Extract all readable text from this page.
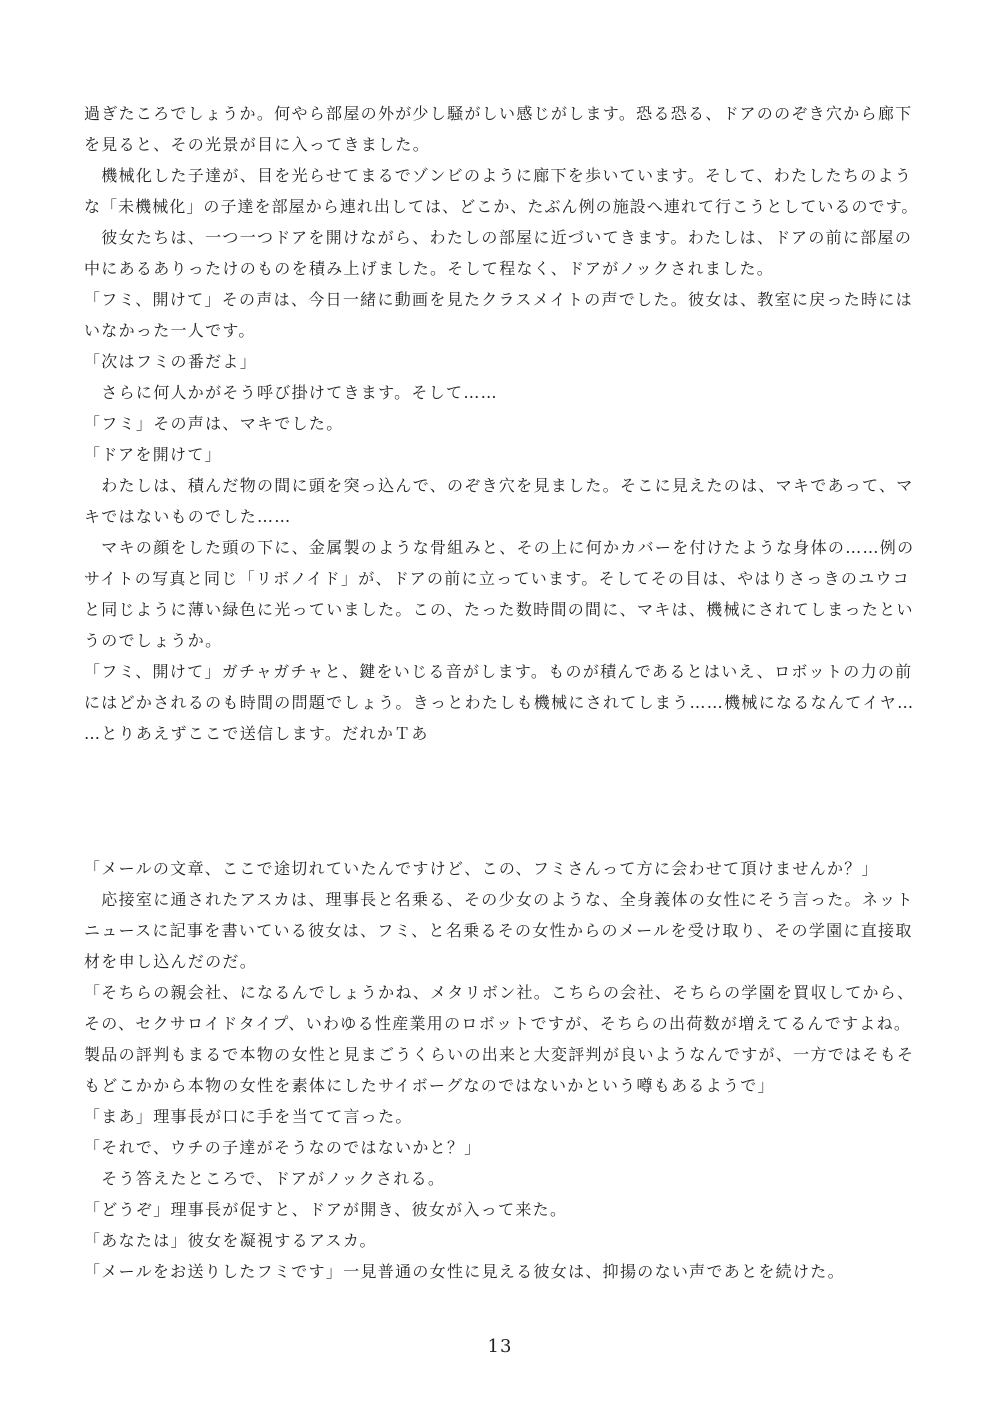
過ぎたころでしょうか。何やら部屋の外が少し騒がしい感じがします。恐る恐る、ドアののぞき穴から廊下
を見ると、その光景が目に入ってきました。
　機械化した子達が、目を光らせてまるでゾンビのように廊下を歩いています。そして、わたしたちのよう
な「未機械化」の子達を部屋から連れ出しては、どこか、たぶん例の施設へ連れて行こうとしているのです。
　彼女たちは、一つ一つドアを開けながら、わたしの部屋に近づいてきます。わたしは、ドアの前に部屋の
中にあるありったけのものを積み上げました。そして程なく、ドアがノックされました。
「フミ、開けて」その声は、今日一緒に動画を見たクラスメイトの声でした。彼女は、教室に戻った時には
いなかった一人です。
「次はフミの番だよ」
　さらに何人かがそう呼び掛けてきます。そして……
「フミ」その声は、マキでした。
「ドアを開けて」
　わたしは、積んだ物の間に頭を突っ込んで、のぞき穴を見ました。そこに見えたのは、マキであって、マ
キではないものでした……
　マキの顔をした頭の下に、金属製のような骨組みと、その上に何かカバーを付けたような身体の……例の
サイトの写真と同じ「リボノイド」が、ドアの前に立っています。そしてその目は、やはりさっきのユウコ
と同じように薄い緑色に光っていました。この、たった数時間の間に、マキは、機械にされてしまったとい
うのでしょうか。
「フミ、開けて」ガチャガチャと、鍵をいじる音がします。ものが積んであるとはいえ、ロボットの力の前
にはどかされるのも時間の問題でしょう。きっとわたしも機械にされてしまう……機械になるなんてイヤ…
…とりあえずここで送信します。だれかＴあ
「メールの文章、ここで途切れていたんですけど、この、フミさんって方に会わせて頂けませんか？」
　応接室に通されたアスカは、理事長と名乗る、その少女のような、全身義体の女性にそう言った。ネット
ニュースに記事を書いている彼女は、フミ、と名乗るその女性からのメールを受け取り、その学園に直接取
材を申し込んだのだ。
「そちらの親会社、になるんでしょうかね、メタリボン社。こちらの会社、そちらの学園を買収してから、
その、セクサロイドタイプ、いわゆる性産業用のロボットですが、そちらの出荷数が増えてるんですよね。
製品の評判もまるで本物の女性と見まごうくらいの出来と大変評判が良いようなんですが、一方ではそもそ
もどこかから本物の女性を素体にしたサイボーグなのではないかという噂もあるようで」
「まあ」理事長が口に手を当てて言った。
「それで、ウチの子達がそうなのではないかと？」
　そう答えたところで、ドアがノックされる。
「どうぞ」理事長が促すと、ドアが開き、彼女が入って来た。
「あなたは」彼女を凝視するアスカ。
「メールをお送りしたフミです」一見普通の女性に見える彼女は、抑揚のない声であとを続けた。
13
